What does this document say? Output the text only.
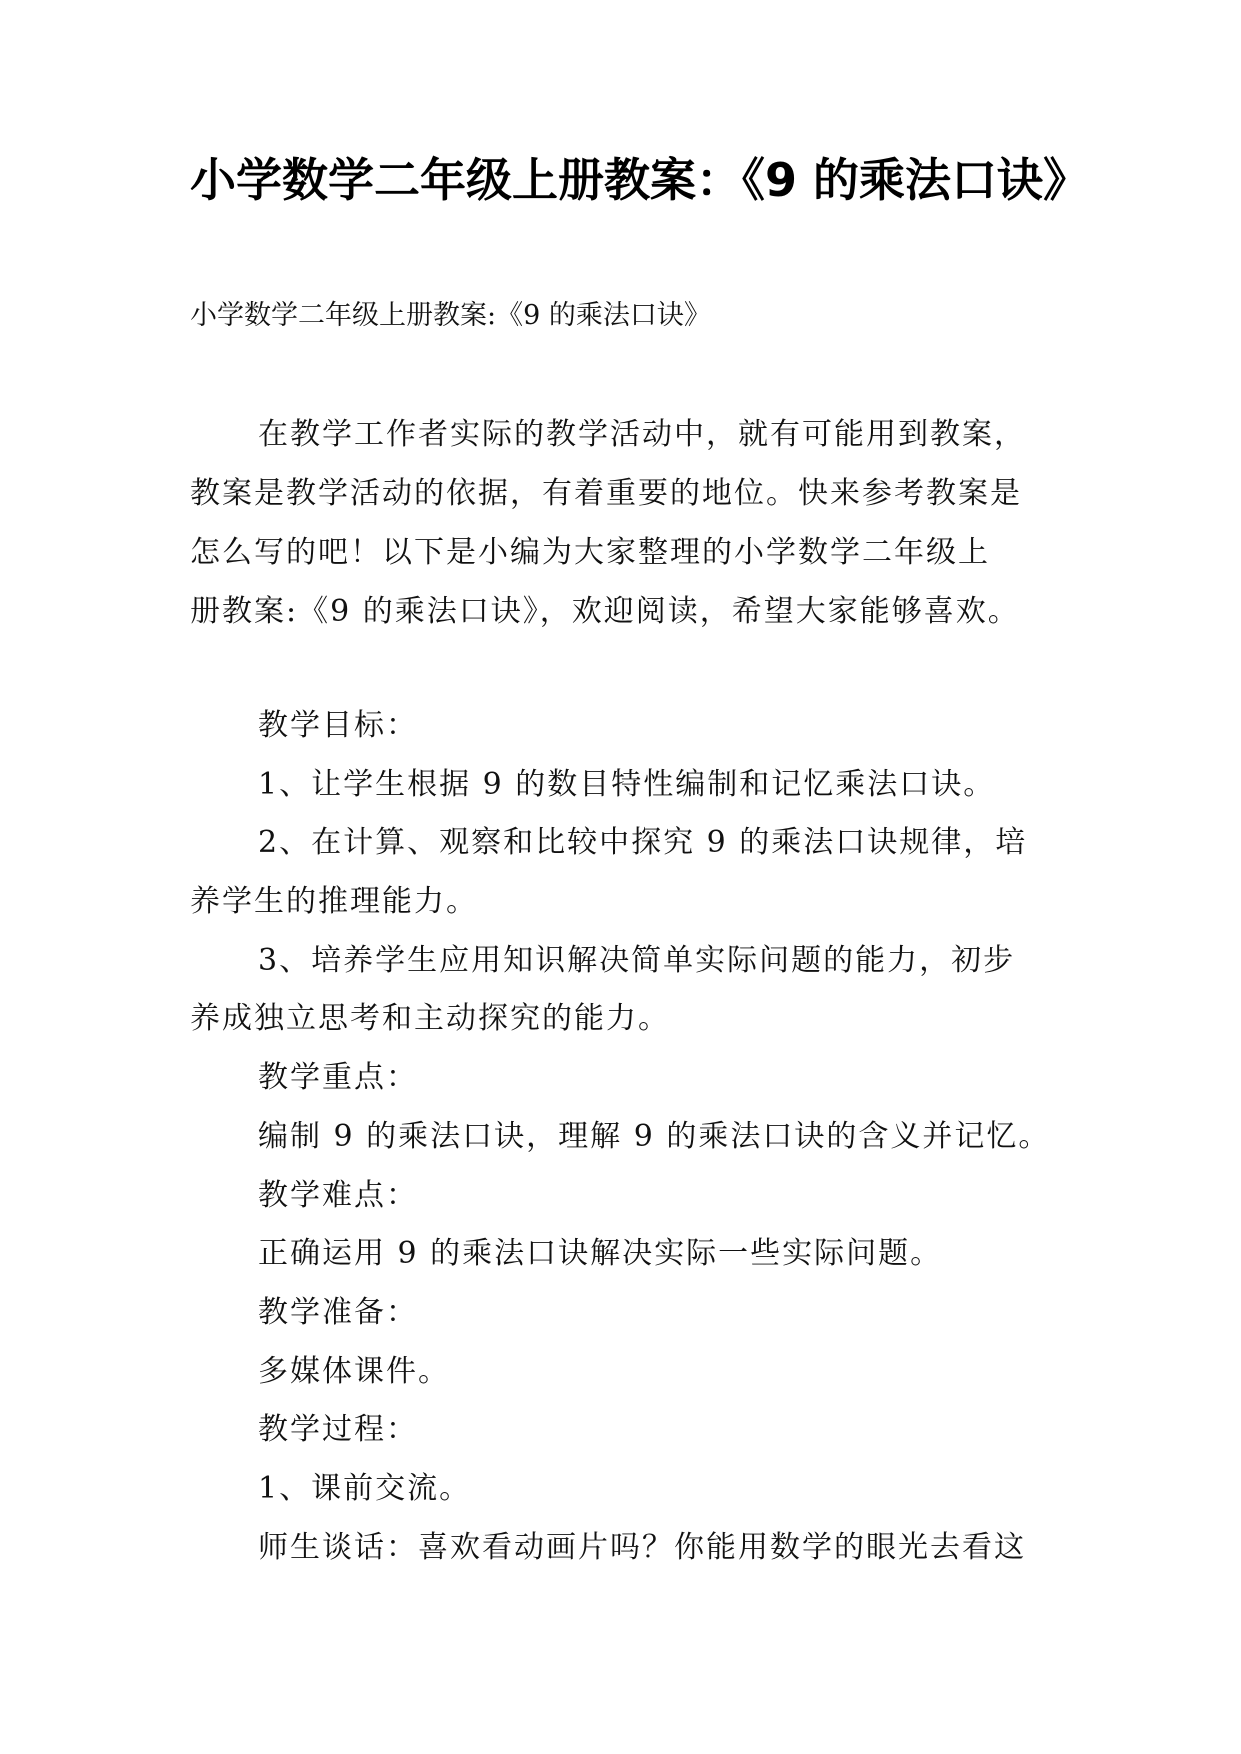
小学数学二年级上册教案：《9 的乘法口诀》
小学数学二年级上册教案:《9 的乘法口诀》
在教学工作者实际的教学活动中，就有可能用到教案，
教案是教学活动的依据，有着重要的地位。快来参考教案是
怎么写的吧！以下是小编为大家整理的小学数学二年级上
册教案:《9 的乘法口诀》，欢迎阅读，希望大家能够喜欢。
教学目标：
1、让学生根据 9 的数目特性编制和记忆乘法口诀。
2、在计算、观察和比较中探究 9 的乘法口诀规律，培
养学生的推理能力。
3、培养学生应用知识解决简单实际问题的能力，初步
养成独立思考和主动探究的能力。
教学重点：
编制 9 的乘法口诀，理解 9 的乘法口诀的含义并记忆。
教学难点：
正确运用 9 的乘法口诀解决实际一些实际问题。
教学准备：
多媒体课件。
教学过程：
1、课前交流。
师生谈话：喜欢看动画片吗？你能用数学的眼光去看这
